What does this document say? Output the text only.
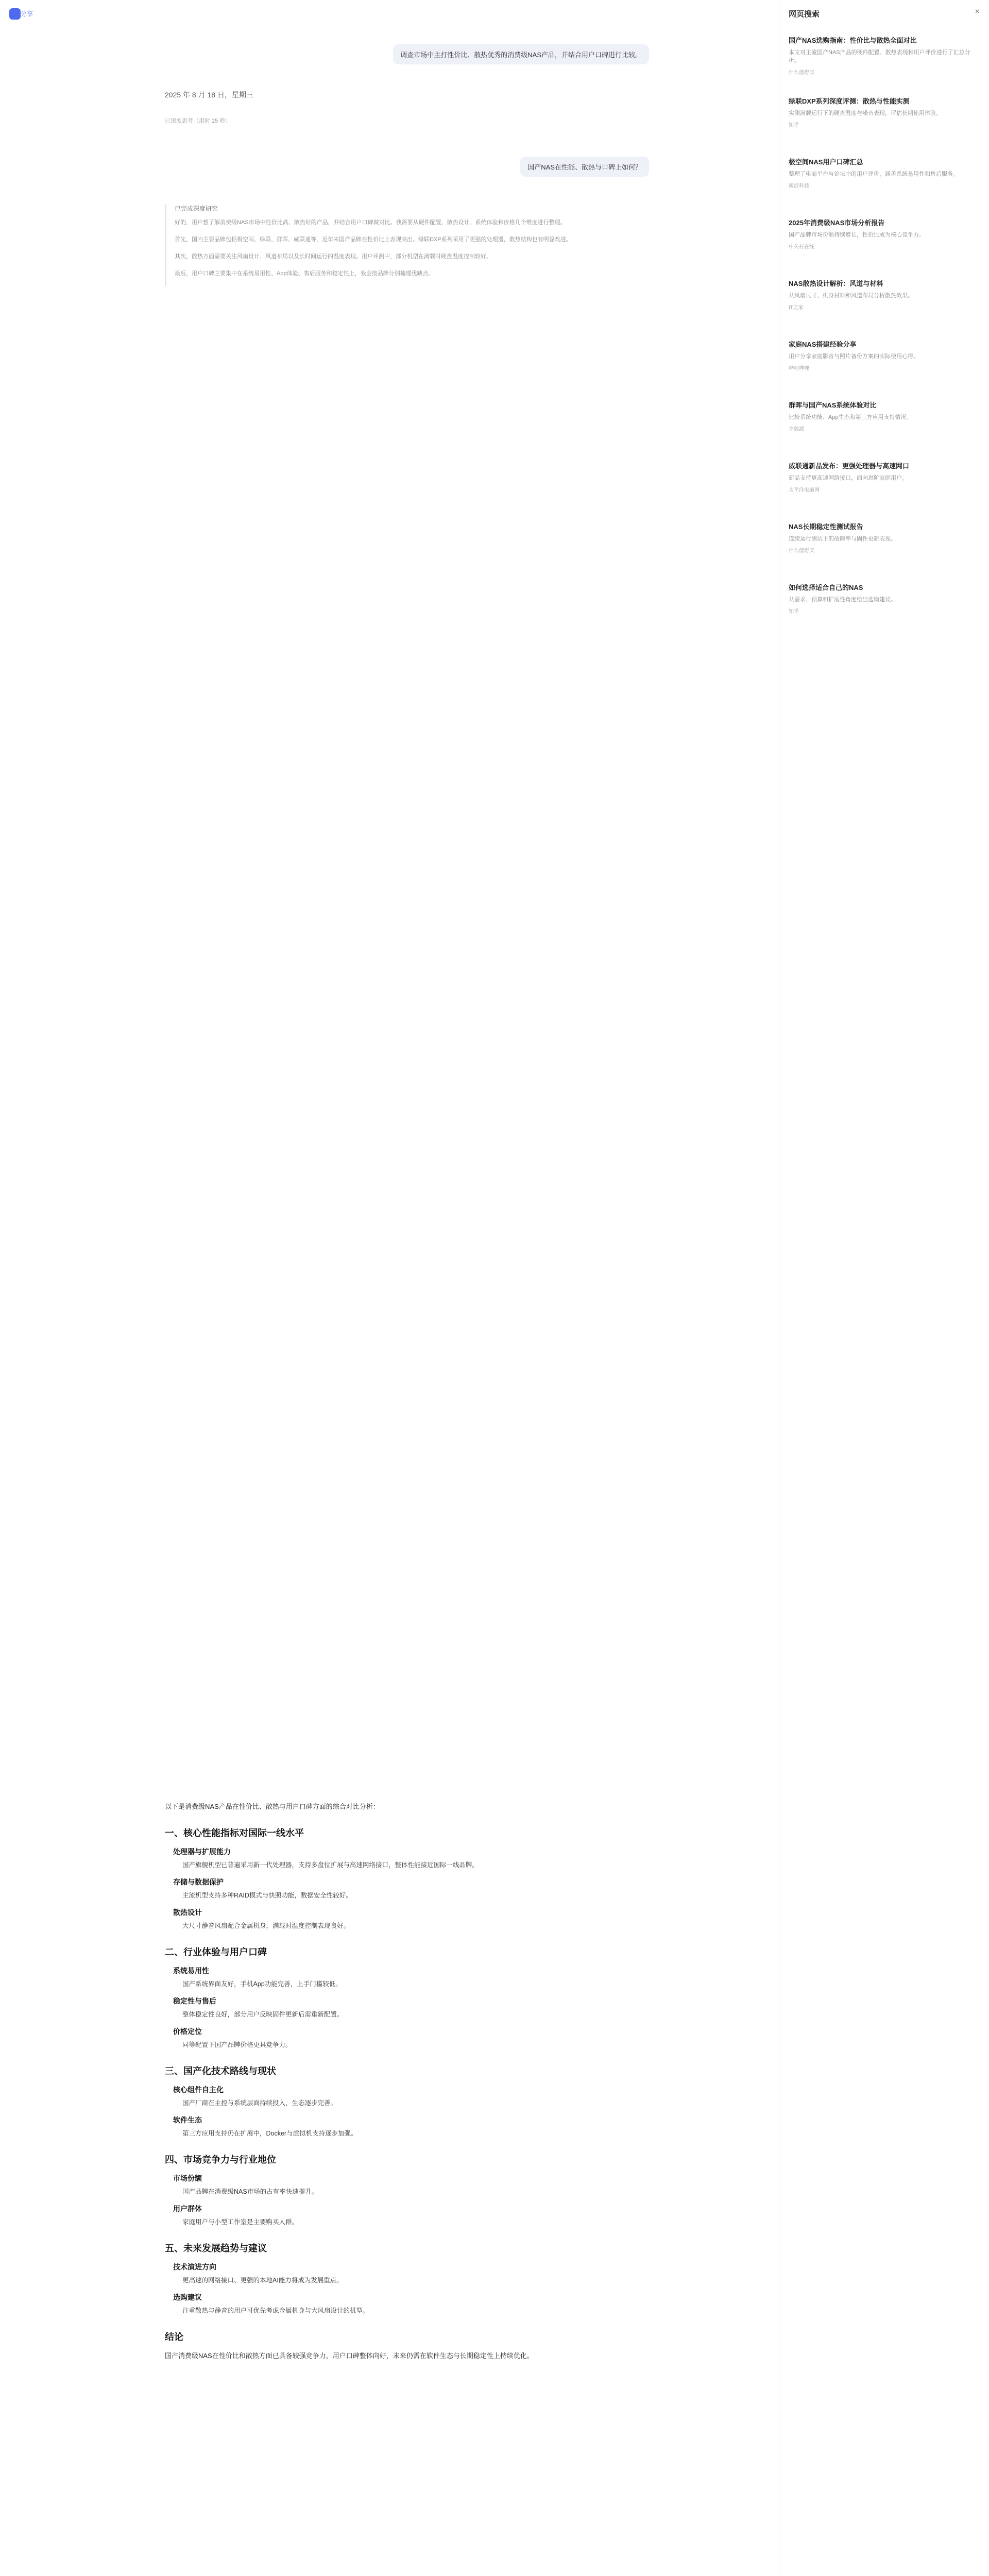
分享
调查市场中主打性价比、散热优秀的消费级NAS产品，并结合用户口碑进行比较。
2025 年 8 月 18 日，星期三
已深度思考（用时 25 秒）
国产NAS在性能、散热与口碑上如何？
已完成深度研究

好的，用户想了解消费级NAS市场中性价比高、散热好的产品，并结合用户口碑做对比。我需要从硬件配置、散热设计、系统体验和价格几个维度进行整理。

首先，国内主要品牌包括极空间、绿联、群晖、威联通等，近年来国产品牌在性价比上表现突出。绿联DXP系列采用了更强的处理器，散热结构也有明显改进。

其次，散热方面需要关注风扇设计、风道布局以及长时间运行的温度表现。用户评测中，部分机型在满载时硬盘温度控制较好。

最后，用户口碑主要集中在系统易用性、App体验、售后服务和稳定性上，我会按品牌分别梳理优缺点。

以下是消费级NAS产品在性价比、散热与用户口碑方面的综合对比分析：

一、核心性能指标对国际一线水平
处理器与扩展能力
国产旗舰机型已普遍采用新一代处理器，支持多盘位扩展与高速网络接口，整体性能接近国际一线品牌。
存储与数据保护
主流机型支持多种RAID模式与快照功能，数据安全性较好。
散热设计
大尺寸静音风扇配合金属机身，满载时温度控制表现良好。
二、行业体验与用户口碑
系统易用性
国产系统界面友好，手机App功能完善，上手门槛较低。
稳定性与售后
整体稳定性良好，部分用户反映固件更新后需重新配置。
价格定位
同等配置下国产品牌价格更具竞争力。
三、国产化技术路线与现状
核心组件自主化
国产厂商在主控与系统层面持续投入，生态逐步完善。
软件生态
第三方应用支持仍在扩展中，Docker与虚拟机支持逐步加强。
四、市场竞争力与行业地位
市场份额
国产品牌在消费级NAS市场的占有率快速提升。
用户群体
家庭用户与小型工作室是主要购买人群。
五、未来发展趋势与建议
技术演进方向
更高速的网络接口、更强的本地AI能力将成为发展重点。
选购建议
注重散热与静音的用户可优先考虑金属机身与大风扇设计的机型。
结论

国产消费级NAS在性价比和散热方面已具备较强竞争力，用户口碑整体向好，未来仍需在软件生态与长期稳定性上持续优化。

网页搜索	×
国产NAS选购指南：性价比与散热全面对比
本文对主流国产NAS产品的硬件配置、散热表现和用户评价进行了汇总分析。
什么值得买
绿联DXP系列深度评测：散热与性能实测
实测满载运行下的硬盘温度与噪音表现，评估长期使用体验。
知乎
极空间NAS用户口碑汇总
整理了电商平台与论坛中的用户评价，涵盖系统易用性和售后服务。
新浪科技
2025年消费级NAS市场分析报告
国产品牌市场份额持续增长，性价比成为核心竞争力。
中关村在线
NAS散热设计解析：风道与材料
从风扇尺寸、机身材料和风道布局分析散热效果。
IT之家
家庭NAS搭建经验分享
用户分享家庭影音与照片备份方案的实际使用心得。
哔哩哔哩
群晖与国产NAS系统体验对比
比较系统功能、App生态和第三方应用支持情况。
少数派
威联通新品发布：更强处理器与高速网口
新品支持更高速网络接口，面向进阶家庭用户。
太平洋电脑网
NAS长期稳定性测试报告
连续运行测试下的故障率与固件更新表现。
什么值得买
如何选择适合自己的NAS
从需求、预算和扩展性角度给出选购建议。
知乎
